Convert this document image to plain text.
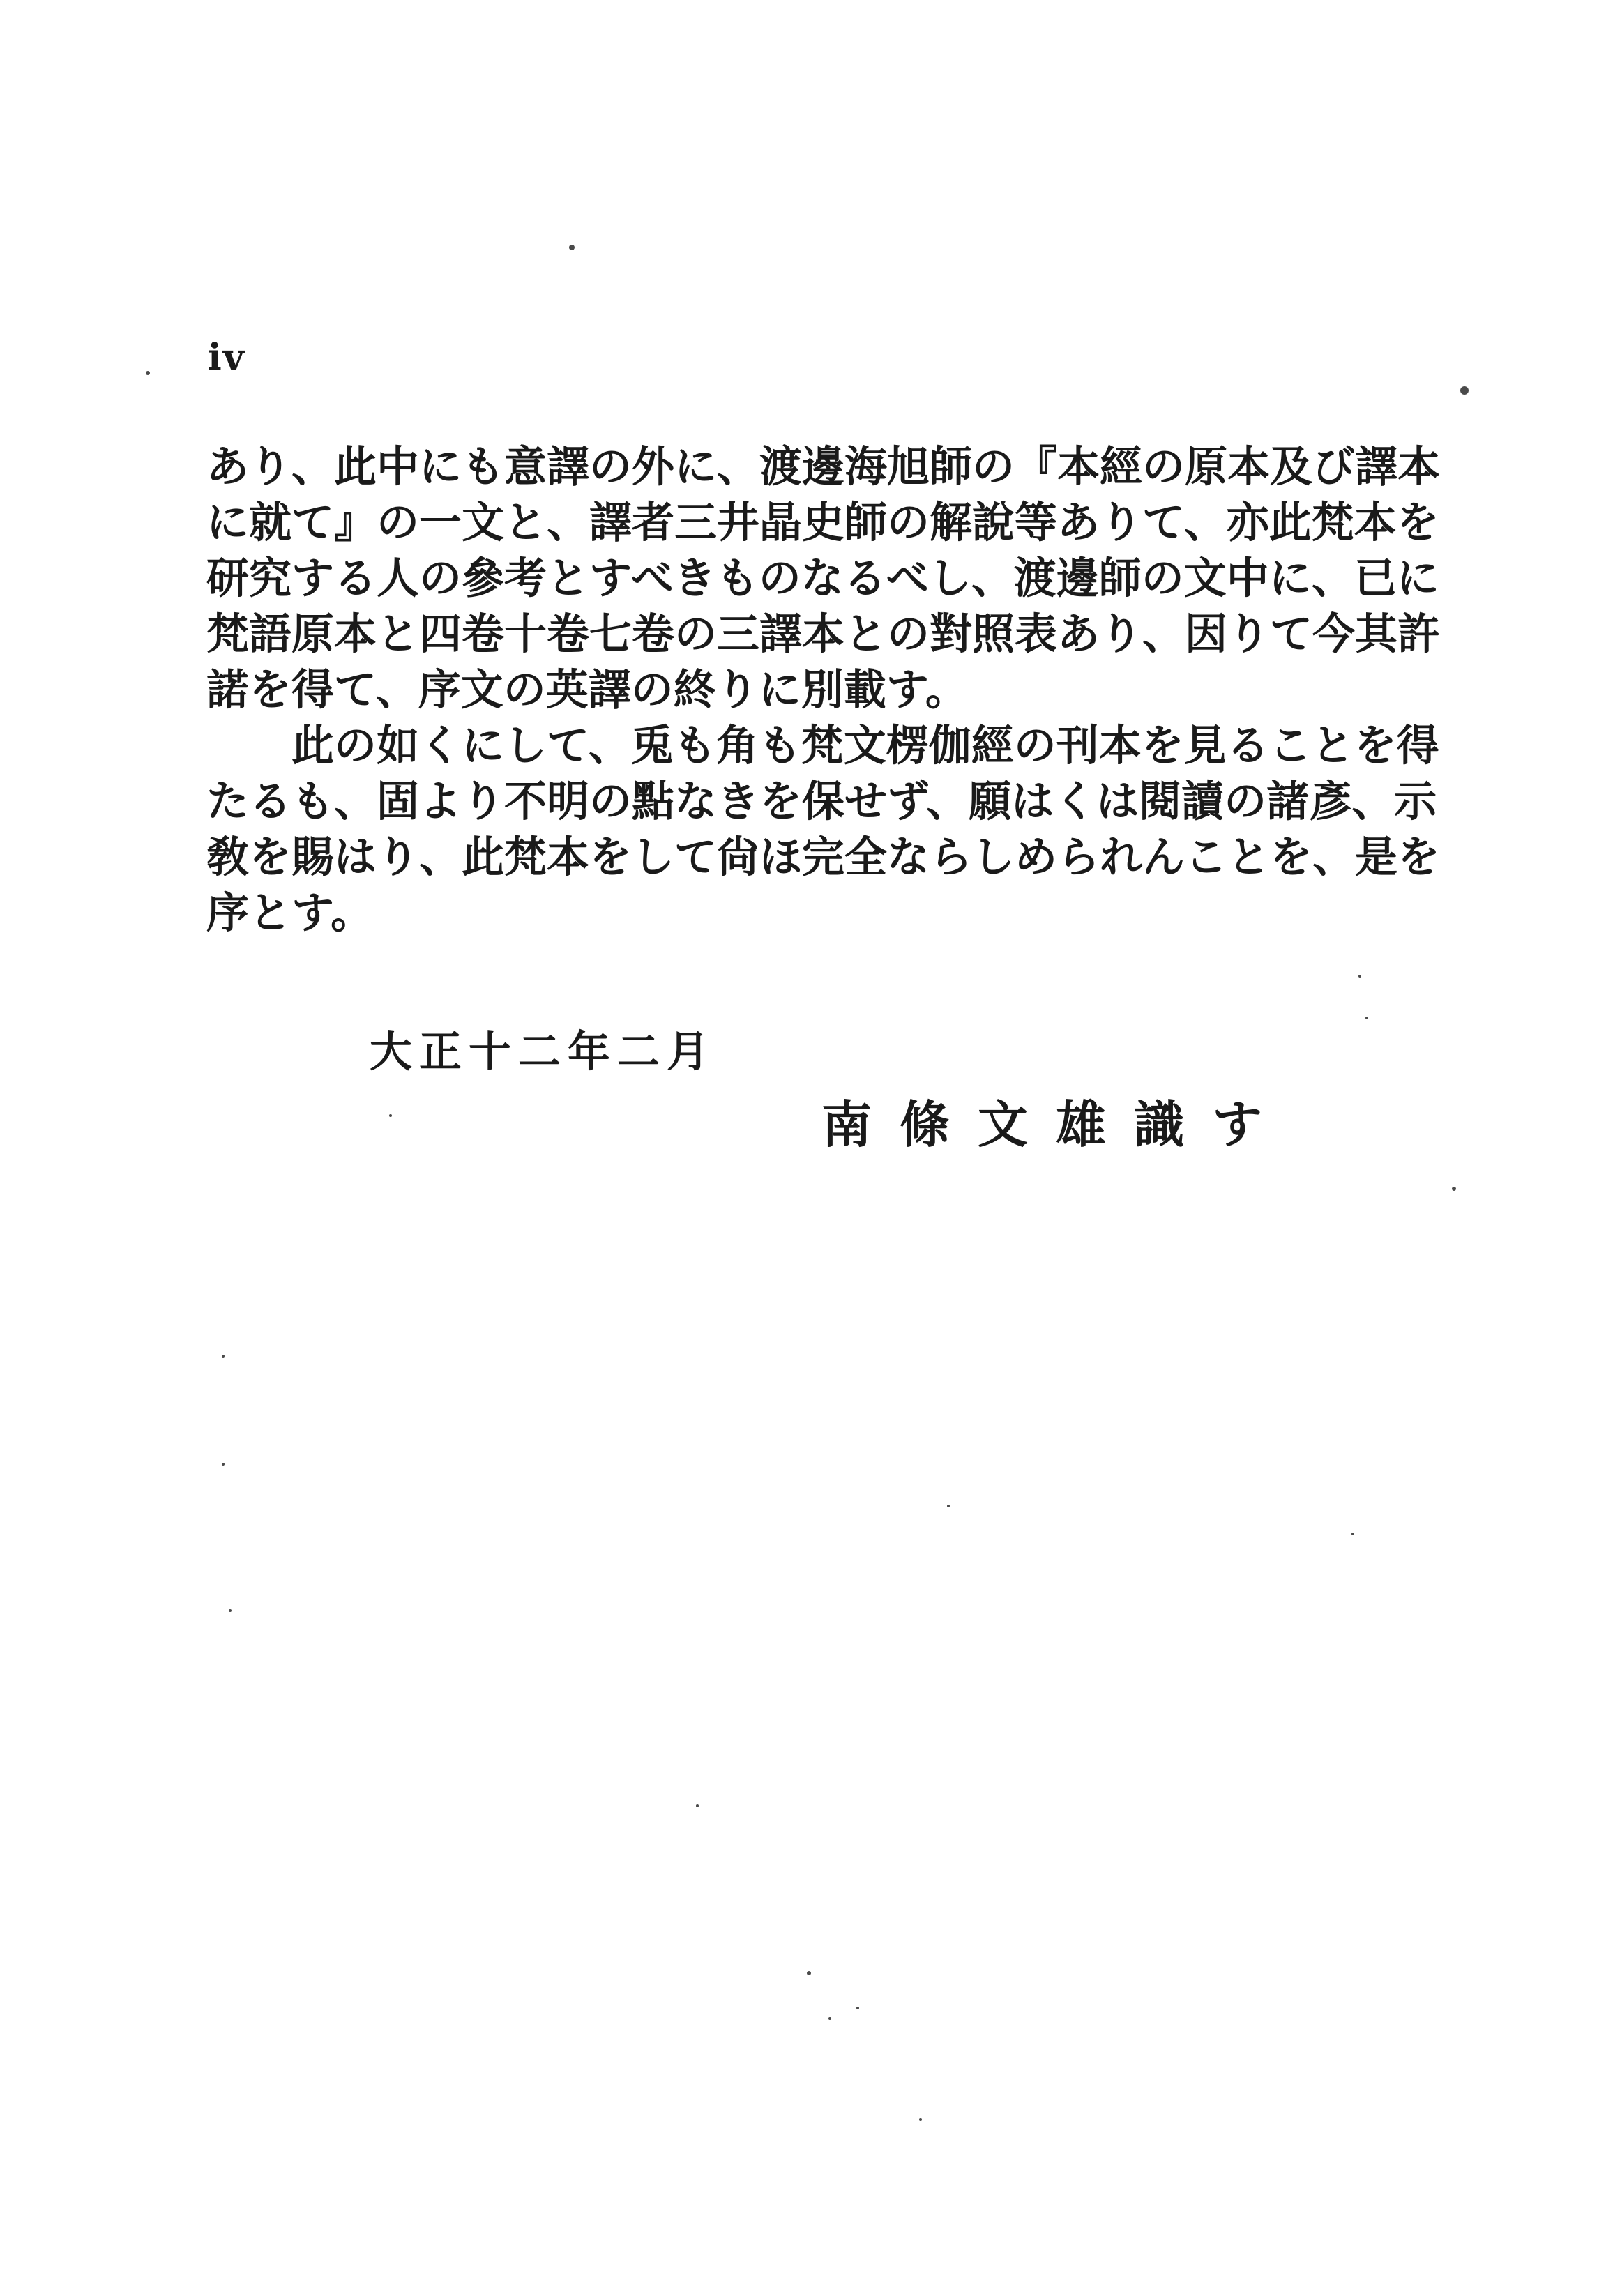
iv
あり、此中にも意譯の外に、渡邊海旭師の『本經の原本及び譯本
に就て』の一文と、譯者三井晶史師の解說等ありて、亦此梵本を
研究する人の參考とすべきものなるべし、渡邊師の文中に、已に
梵語原本と四卷十卷七卷の三譯本との對照表あり、因りて今其許
諾を得て、序文の英譯の終りに別載す。
此の如くにして、兎も角も梵文楞伽經の刊本を見ることを得
たるも、固より不明の點なきを保せず、願はくは閱讀の諸彥、示
敎を賜はり、此梵本をして尙ほ完全ならしめられんことを、是を
序とす。
大正十二年二月
南條文雄識す
